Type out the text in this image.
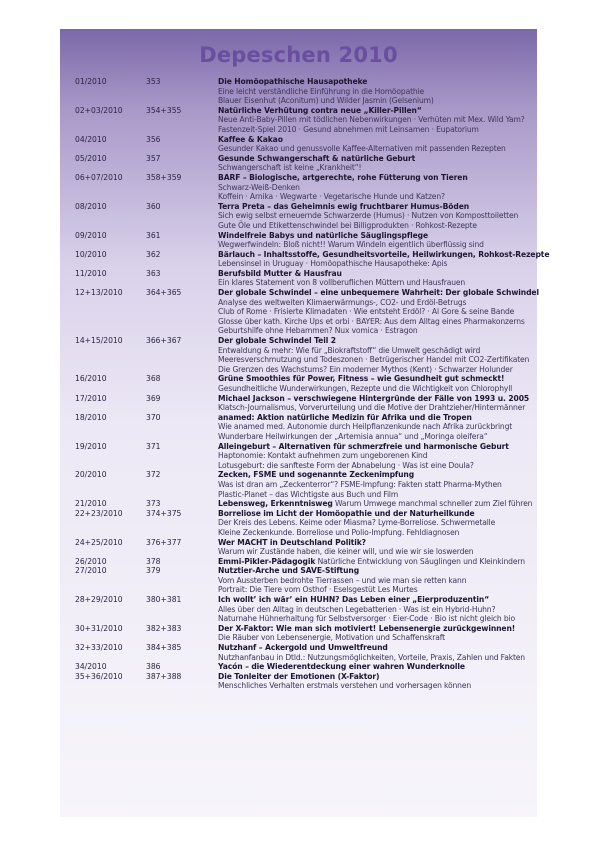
Depeschen 2010
01/2010	353	Die Homöopathische Hausapotheke
Eine leicht verständliche Einführung in die Homöopathie
Blauer Eisenhut (Aconitum) und Wilder Jasmin (Gelsenium)
02+03/2010	354+355	Natürliche Verhütung contra neue „Killer-Pillen“
Neue Anti-Baby-Pillen mit tödlichen Nebenwirkungen · Verhüten mit Mex. Wild Yam?
Fastenzeit-Spiel 2010 · Gesund abnehmen mit Leinsamen · Eupatorium
04/2010	356	Kaffee & Kakao
Gesunder Kakao und genussvolle Kaffee-Alternativen mit passenden Rezepten
05/2010	357	Gesunde Schwangerschaft & natürliche Geburt
Schwangerschaft ist keine „Krankheit“!
06+07/2010	358+359	BARF – Biologische, artgerechte, rohe Fütterung von Tieren
Schwarz-Weiß-Denken
Koffein · Arnika · Wegwarte · Vegetarische Hunde und Katzen?
08/2010	360	Terra Preta – das Geheimnis ewig fruchtbarer Humus-Böden
Sich ewig selbst erneuernde Schwarzerde (Humus) · Nutzen von Komposttoiletten
Gute Öle und Etikettenschwindel bei Billigprodukten · Rohkost-Rezepte
09/2010	361	Windelfreie Babys und natürliche Säuglingspflege
Wegwerfwindeln: Bloß nicht!! Warum Windeln eigentlich überflüssig sind
10/2010	362	Bärlauch – Inhaltsstoffe, Gesundheitsvorteile, Heilwirkungen, Rohkost-Rezepte
Lebensinsel in Uruguay · Homöopathische Hausapotheke: Apis
11/2010	363	Berufsbild Mutter & Hausfrau
Ein klares Statement von 8 vollberuflichen Müttern und Hausfrauen
12+13/2010	364+365	Der globale Schwindel – eine unbequemere Wahrheit: Der globale Schwindel
Analyse des weltweiten Klimaerwärmungs-, CO2- und Erdöl-Betrugs
Club of Rome · Frisierte Klimadaten · Wie entsteht Erdöl? · Al Gore & seine Bande
Glosse über kath. Kirche Ups et orbi · BAYER: Aus dem Alltag eines Pharmakonzerns
Geburtshilfe ohne Hebammen? Nux vomica · Estragon
14+15/2010	366+367	Der globale Schwindel Teil 2
Entwaldung & mehr: Wie für „Biokraftstoff“ die Umwelt geschädigt wird
Meeresverschmutzung und Todeszonen · Betrügerischer Handel mit CO2-Zertifikaten
Die Grenzen des Wachstums? Ein moderner Mythos (Kent) · Schwarzer Holunder
16/2010	368	Grüne Smoothies für Power, Fitness – wie Gesundheit gut schmeckt!
Gesundheitliche Wunderwirkungen, Rezepte und die Wichtigkeit von Chlorophyll
17/2010	369	Michael Jackson – verschwiegene Hintergründe der Fälle von 1993 u. 2005
Klatsch-Journalismus, Vorverurteilung und die Motive der Drahtzieher/Hintermänner
18/2010	370	anamed: Aktion natürliche Medizin für Afrika und die Tropen
Wie anamed med. Autonomie durch Heilpflanzenkunde nach Afrika zurückbringt
Wunderbare Heilwirkungen der „Artemisia annua“ und „Moringa oleifera“
19/2010	371	Alleingeburt – Alternativen für schmerzfreie und harmonische Geburt
Haptonomie: Kontakt aufnehmen zum ungeborenen Kind
Lotusgeburt: die sanfteste Form der Abnabelung · Was ist eine Doula?
20/2010	372	Zecken, FSME und sogenannte Zeckenimpfung
Was ist dran am „Zeckenterror“? FSME-Impfung: Fakten statt Pharma-Mythen
Plastic-Planet – das Wichtigste aus Buch und Film
21/2010	373	Lebensweg, Erkenntnisweg Warum Umwege manchmal schneller zum Ziel führen
22+23/2010	374+375	Borreliose im Licht der Homöopathie und der Naturheilkunde
Der Kreis des Lebens. Keime oder Miasma? Lyme-Borreliose. Schwermetalle
Kleine Zeckenkunde. Borreliose und Polio-Impfung. Fehldiagnosen
24+25/2010	376+377	Wer MACHT in Deutschland Politik?
Warum wir Zustände haben, die keiner will, und wie wir sie loswerden
26/2010	378	Emmi-Pikler-Pädagogik Natürliche Entwicklung von Säuglingen und Kleinkindern
27/2010	379	Nutztier-Arche und SAVE-Stiftung
Vom Aussterben bedrohte Tierrassen – und wie man sie retten kann
Portrait: Die Tiere vom Osthof · Eselsgestüt Les Murtes
28+29/2010	380+381	Ich wollt’ ich wär’ ein HUHN? Das Leben einer „Eierproduzentin“
Alles über den Alltag in deutschen Legebatterien · Was ist ein Hybrid-Huhn?
Naturnahe Hühnerhaltung für Selbstversorger · Eier-Code · Bio ist nicht gleich bio
30+31/2010	382+383	Der X-Faktor: Wie man sich motiviert! Lebensenergie zurückgewinnen!
Die Räuber von Lebensenergie, Motivation und Schaffenskraft
32+33/2010	384+385	Nutzhanf – Ackergold und Umweltfreund
Nutzhanfanbau in Dtld.: Nutzungsmöglichkeiten, Vorteile, Praxis, Zahlen und Fakten
34/2010	386	Yacón – die Wiederentdeckung einer wahren Wunderknolle
35+36/2010	387+388	Die Tonleiter der Emotionen (X-Faktor)
Menschliches Verhalten erstmals verstehen und vorhersagen können
